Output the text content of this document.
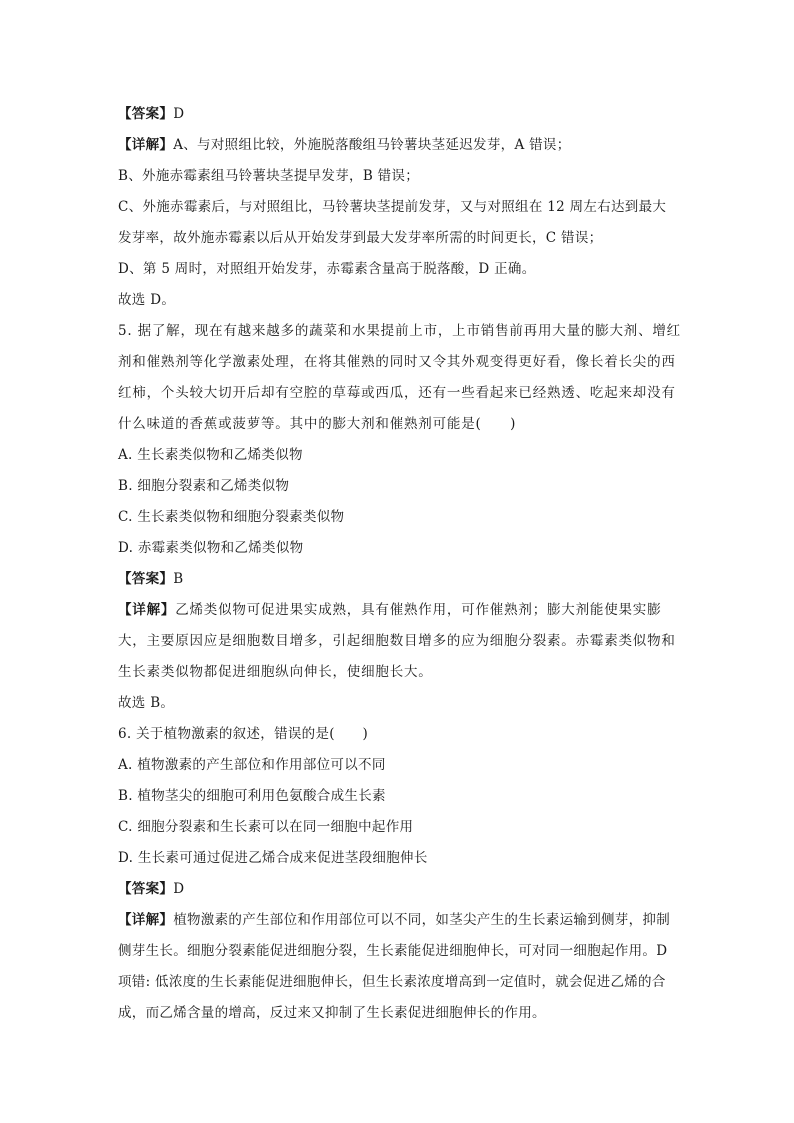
【答案】D
【详解】A、与对照组比较，外施脱落酸组马铃薯块茎延迟发芽，A 错误；
B、外施赤霉素组马铃薯块茎提早发芽，B 错误；
C、外施赤霉素后，与对照组比，马铃薯块茎提前发芽，又与对照组在 12 周左右达到最大
发芽率，故外施赤霉素以后从开始发芽到最大发芽率所需的时间更长，C 错误；
D、第 5 周时，对照组开始发芽，赤霉素含量高于脱落酸，D 正确。
故选 D。
5. 据了解，现在有越来越多的蔬菜和水果提前上市，上市销售前再用大量的膨大剂、增红
剂和催熟剂等化学激素处理，在将其催熟的同时又令其外观变得更好看，像长着长尖的西
红柿，个头较大切开后却有空腔的草莓或西瓜，还有一些看起来已经熟透、吃起来却没有
什么味道的香蕉或菠萝等。其中的膨大剂和催熟剂可能是(　　)
A. 生长素类似物和乙烯类似物
B. 细胞分裂素和乙烯类似物
C. 生长素类似物和细胞分裂素类似物
D. 赤霉素类似物和乙烯类似物
【答案】B
【详解】乙烯类似物可促进果实成熟，具有催熟作用，可作催熟剂；膨大剂能使果实膨
大，主要原因应是细胞数目增多，引起细胞数目增多的应为细胞分裂素。赤霉素类似物和
生长素类似物都促进细胞纵向伸长，使细胞长大。
故选 B。
6. 关于植物激素的叙述，错误的是(　　)
A. 植物激素的产生部位和作用部位可以不同
B. 植物茎尖的细胞可利用色氨酸合成生长素
C. 细胞分裂素和生长素可以在同一细胞中起作用
D. 生长素可通过促进乙烯合成来促进茎段细胞伸长
【答案】D
【详解】植物激素的产生部位和作用部位可以不同，如茎尖产生的生长素运输到侧芽，抑制
侧芽生长。细胞分裂素能促进细胞分裂，生长素能促进细胞伸长，可对同一细胞起作用。D
项错: 低浓度的生长素能促进细胞伸长，但生长素浓度增高到一定值时，就会促进乙烯的合
成，而乙烯含量的增高，反过来又抑制了生长素促进细胞伸长的作用。
